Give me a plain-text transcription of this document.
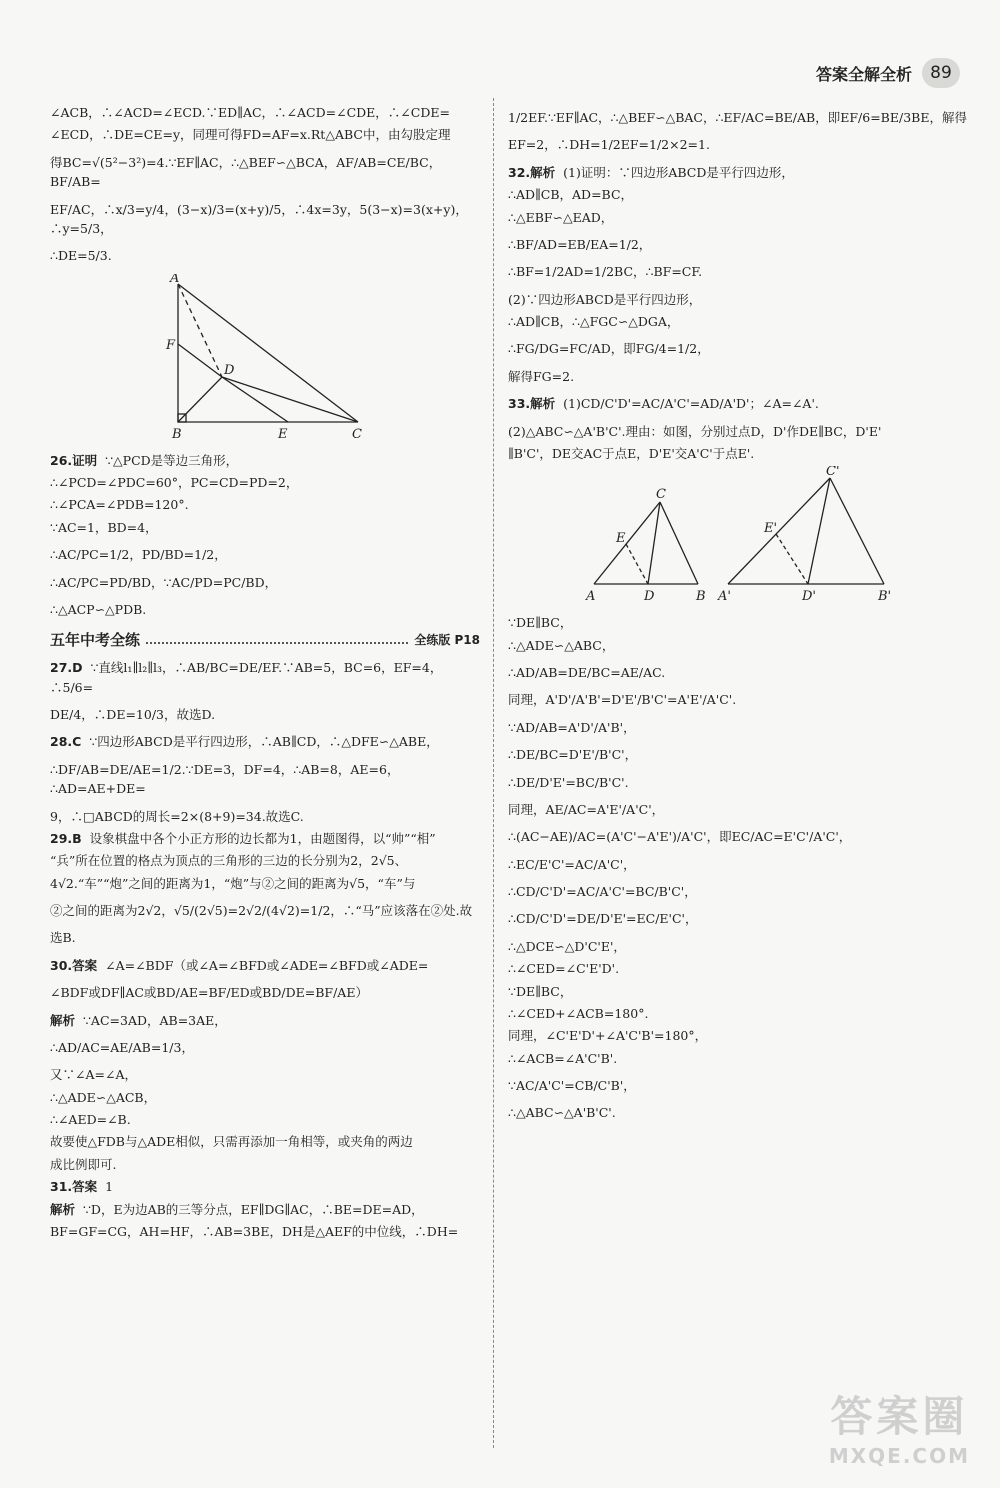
答案全解全析	89
∠ACB，∴∠ACD=∠ECD.∵ED∥AC，∴∠ACD=∠CDE，∴∠CDE=
∠ECD，∴DE=CE=y，同理可得FD=AF=x.Rt△ABC中，由勾股定理
得BC=√(5²−3²)=4.∵EF∥AC，∴△BEF∽△BCA，AF/AB=CE/BC，BF/AB=
EF/AC，∴x/3=y/4，(3−x)/3=(x+y)/5，∴4x=3y，5(3−x)=3(x+y)，∴y=5/3，
∴DE=5/3.
A
F
D
B	E	C
26.证明 ∵△PCD是等边三角形，
∴∠PCD=∠PDC=60°，PC=CD=PD=2，
∴∠PCA=∠PDB=120°.
∵AC=1，BD=4，
∴AC/PC=1/2，PD/BD=1/2，
∴AC/PC=PD/BD，∵AC/PD=PC/BD，
∴△ACP∽△PDB.
五年中考全练	全练版 P18
27.D ∵直线l₁∥l₂∥l₃，∴AB/BC=DE/EF.∵AB=5，BC=6，EF=4，∴5/6=
DE/4，∴DE=10/3，故选D.
28.C ∵四边形ABCD是平行四边形，∴AB∥CD，∴△DFE∽△ABE，
∴DF/AB=DE/AE=1/2.∵DE=3，DF=4，∴AB=8，AE=6，∴AD=AE+DE=
9，∴□ABCD的周长=2×(8+9)=34.故选C.
29.B 设象棋盘中各个小正方形的边长都为1，由题图得，以“帅”“相”
“兵”所在位置的格点为顶点的三角形的三边的长分别为2，2√5、
4√2.“车”“炮”之间的距离为1，“炮”与②之间的距离为√5，“车”与
②之间的距离为2√2，√5/(2√5)=2√2/(4√2)=1/2，∴“马”应该落在②处.故
选B.
30.答案 ∠A=∠BDF（或∠A=∠BFD或∠ADE=∠BFD或∠ADE=
∠BDF或DF∥AC或BD/AE=BF/ED或BD/DE=BF/AE）
解析 ∵AC=3AD，AB=3AE，
∴AD/AC=AE/AB=1/3，
又∵∠A=∠A，
∴△ADE∽△ACB，
∴∠AED=∠B.
故要使△FDB与△ADE相似，只需再添加一角相等，或夹角的两边
成比例即可.
31.答案 1
解析 ∵D，E为边AB的三等分点，EF∥DG∥AC，∴BE=DE=AD，
BF=GF=CG，AH=HF，∴AB=3BE，DH是△AEF的中位线，∴DH=
1/2EF.∵EF∥AC，∴△BEF∽△BAC，∴EF/AC=BE/AB，即EF/6=BE/3BE，解得
EF=2，∴DH=1/2EF=1/2×2=1.
32.解析 (1)证明：∵四边形ABCD是平行四边形，
∴AD∥CB，AD=BC，
∴△EBF∽△EAD，
∴BF/AD=EB/EA=1/2，
∴BF=1/2AD=1/2BC，∴BF=CF.
(2)∵四边形ABCD是平行四边形，
∴AD∥CB，∴△FGC∽△DGA，
∴FG/DG=FC/AD，即FG/4=1/2，
解得FG=2.
33.解析 (1)CD/C'D'=AC/A'C'=AD/A'D'；∠A=∠A'.
(2)△ABC∽△A'B'C'.理由：如图，分别过点D，D'作DE∥BC，D'E'
∥B'C'，DE交AC于点E，D'E'交A'C'于点E'.
C
E
A	D	B
C'
E'
A'	D'	B'
∵DE∥BC，
∴△ADE∽△ABC，
∴AD/AB=DE/BC=AE/AC.
同理，A'D'/A'B'=D'E'/B'C'=A'E'/A'C'.
∵AD/AB=A'D'/A'B'，
∴DE/BC=D'E'/B'C'，
∴DE/D'E'=BC/B'C'.
同理，AE/AC=A'E'/A'C'，
∴(AC−AE)/AC=(A'C'−A'E')/A'C'，即EC/AC=E'C'/A'C'，
∴EC/E'C'=AC/A'C'，
∴CD/C'D'=AC/A'C'=BC/B'C'，
∴CD/C'D'=DE/D'E'=EC/E'C'，
∴△DCE∽△D'C'E'，
∴∠CED=∠C'E'D'.
∵DE∥BC，
∴∠CED+∠ACB=180°.
同理，∠C'E'D'+∠A'C'B'=180°，
∴∠ACB=∠A'C'B'.
∵AC/A'C'=CB/C'B'，
∴△ABC∽△A'B'C'.
答案圈
MXQE.COM
